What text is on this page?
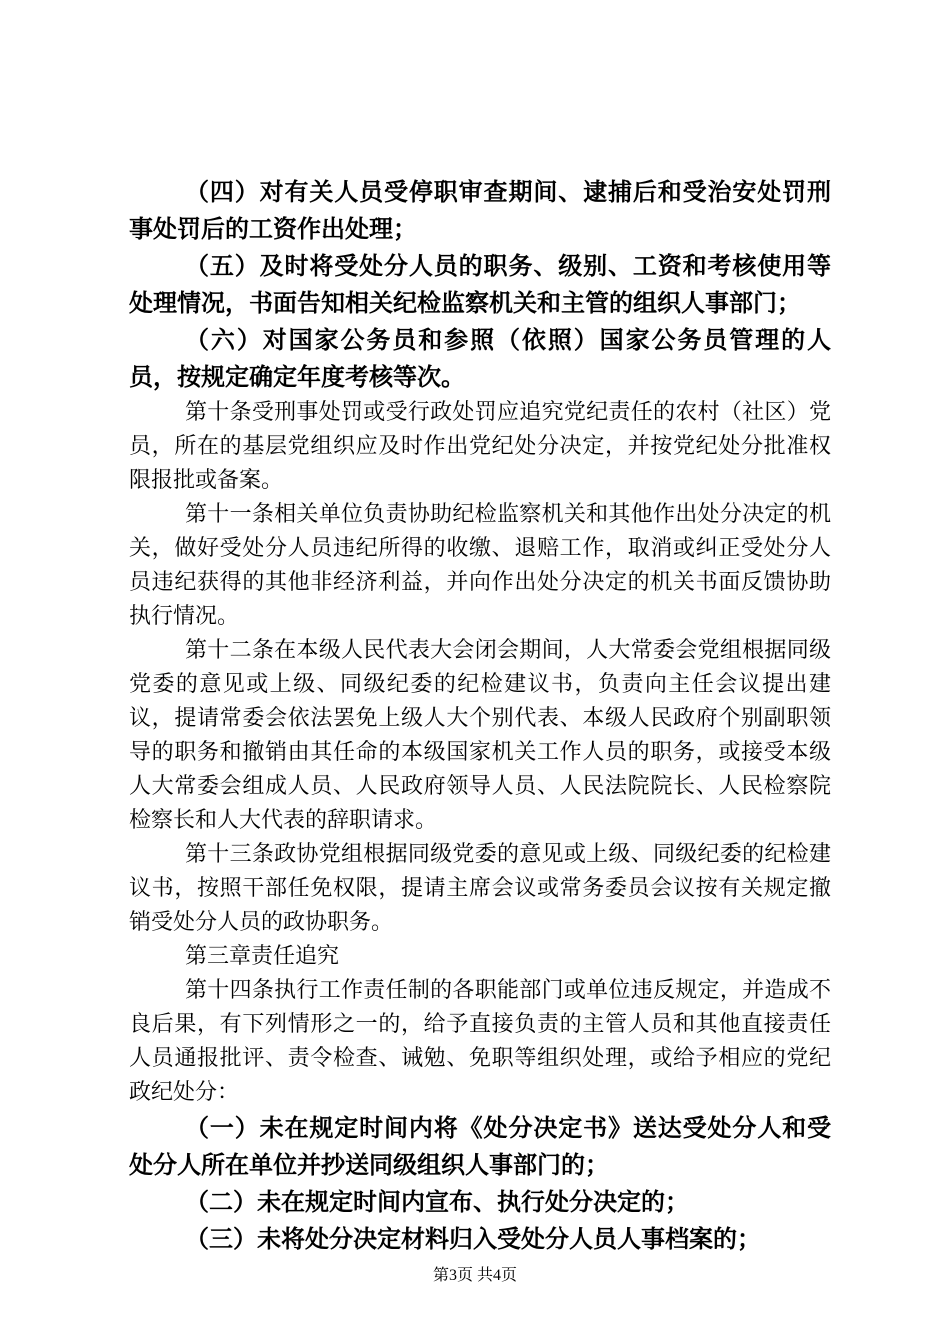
（四）对有关人员受停职审查期间、逮捕后和受治安处罚刑事处罚后的工资作出处理；

（五）及时将受处分人员的职务、级别、工资和考核使用等处理情况，书面告知相关纪检监察机关和主管的组织人事部门；

（六）对国家公务员和参照（依照）国家公务员管理的人员，按规定确定年度考核等次。

第十条受刑事处罚或受行政处罚应追究党纪责任的农村（社区）党员，所在的基层党组织应及时作出党纪处分决定，并按党纪处分批准权限报批或备案。

第十一条相关单位负责协助纪检监察机关和其他作出处分决定的机关，做好受处分人员违纪所得的收缴、退赔工作，取消或纠正受处分人员违纪获得的其他非经济利益，并向作出处分决定的机关书面反馈协助执行情况。

第十二条在本级人民代表大会闭会期间，人大常委会党组根据同级党委的意见或上级、同级纪委的纪检建议书，负责向主任会议提出建议，提请常委会依法罢免上级人大个别代表、本级人民政府个别副职领导的职务和撤销由其任命的本级国家机关工作人员的职务，或接受本级人大常委会组成人员、人民政府领导人员、人民法院院长、人民检察院检察长和人大代表的辞职请求。

第十三条政协党组根据同级党委的意见或上级、同级纪委的纪检建议书，按照干部任免权限，提请主席会议或常务委员会议按有关规定撤销受处分人员的政协职务。

第三章责任追究

第十四条执行工作责任制的各职能部门或单位违反规定，并造成不良后果，有下列情形之一的，给予直接负责的主管人员和其他直接责任人员通报批评、责令检查、诫勉、免职等组织处理，或给予相应的党纪政纪处分：

（一）未在规定时间内将《处分决定书》送达受处分人和受处分人所在单位并抄送同级组织人事部门的；

（二）未在规定时间内宣布、执行处分决定的；

（三）未将处分决定材料归入受处分人员人事档案的；

第3页 共4页
